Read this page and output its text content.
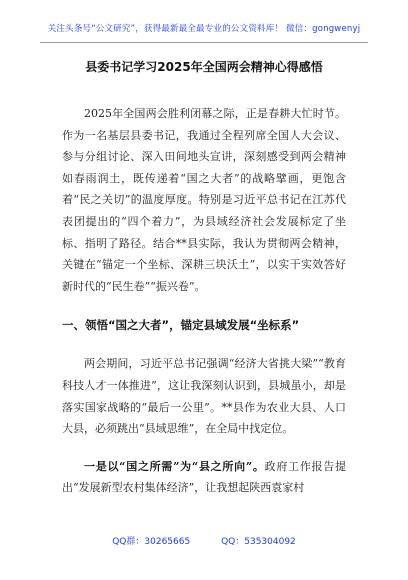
关注头条号“公文研究”，获得最新最全最专业的公文资料库！ 微信：gongwenyj
县委书记学习2025年全国两会精神心得感悟

2025年全国两会胜利闭幕之际，正是春耕大忙时节。作为一名基层县委书记，我通过全程列席全国人大会议、参与分组讨论、深入田间地头宣讲，深刻感受到两会精神如春雨润土，既传递着“国之大者”的战略擘画，更饱含着“民之关切”的温度厚度。特别是习近平总书记在江苏代表团提出的“四个着力”，为县域经济社会发展标定了坐标、指明了路径。结合**县实际，我认为贯彻两会精神，关键在“锚定一个坐标、深耕三块沃土”，以实干实效答好新时代的“民生卷”“振兴卷”。

一、领悟“国之大者”，锚定县域发展“坐标系”

两会期间，习近平总书记强调“经济大省挑大梁”“教育科技人才一体推进”，这让我深刻认识到，县城虽小，却是落实国家战略的“最后一公里”。**县作为农业大县、人口大县，必须跳出“县域思维”，在全局中找定位。

一是以“国之所需”为“县之所向”。政府工作报告提出“发展新型农村集体经济”，让我想起陕西袁家村

QQ群：30265665	QQ：535304092
